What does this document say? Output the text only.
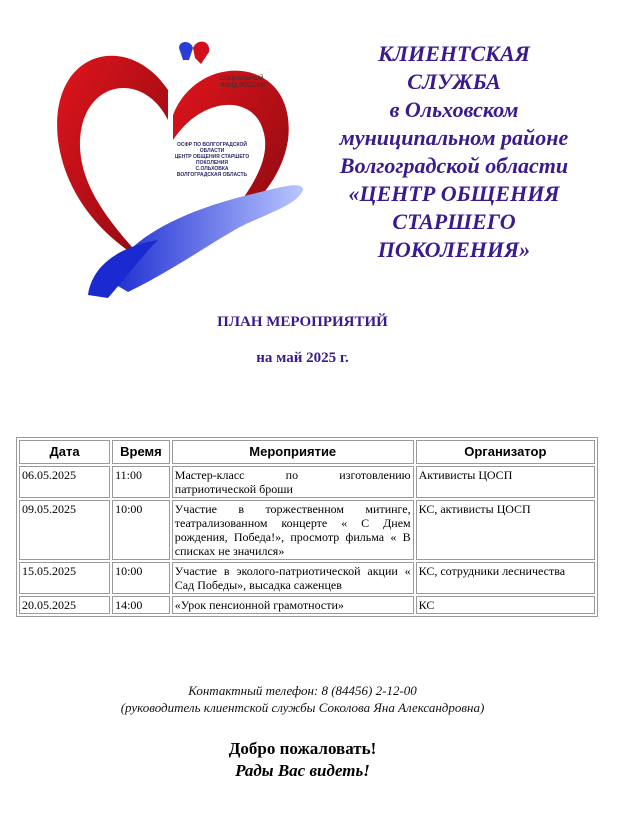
СОЦИАЛЬНЫЙ
ФОНД РОССИИ
ОСФР ПО ВОЛГОГРАДСКОЙ ОБЛАСТИ
ЦЕНТР ОБЩЕНИЯ СТАРШЕГО
ПОКОЛЕНИЯ
С.ОЛЬХОВКА
ВОЛГОГРАДСКАЯ ОБЛАСТЬ
КЛИЕНТСКАЯ
СЛУЖБА
в Ольховском
муниципальном районе
Волгоградской области
«ЦЕНТР ОБЩЕНИЯ
СТАРШЕГО
ПОКОЛЕНИЯ»
ПЛАН МЕРОПРИЯТИЙ
на май 2025 г.
Дата	Время	Мероприятие	Организатор
06.05.2025	11:00	Мастер-класс по изготовлению патриотической броши	Активисты ЦОСП
09.05.2025	10:00	Участие в торжественном митинге, театрализованном концерте « С Днем рождения, Победа!», просмотр фильма « В списках не значился»	КС, активисты ЦОСП
15.05.2025	10:00	Участие в эколого-патриотической акции « Сад Победы», высадка саженцев	КС, сотрудники лесничества
20.05.2025	14:00	«Урок пенсионной грамотности»	КС
Контактный телефон: 8 (84456) 2-12-00
(руководитель клиентской службы Соколова Яна Александровна)
Добро пожаловать!
Рады Вас видеть!
